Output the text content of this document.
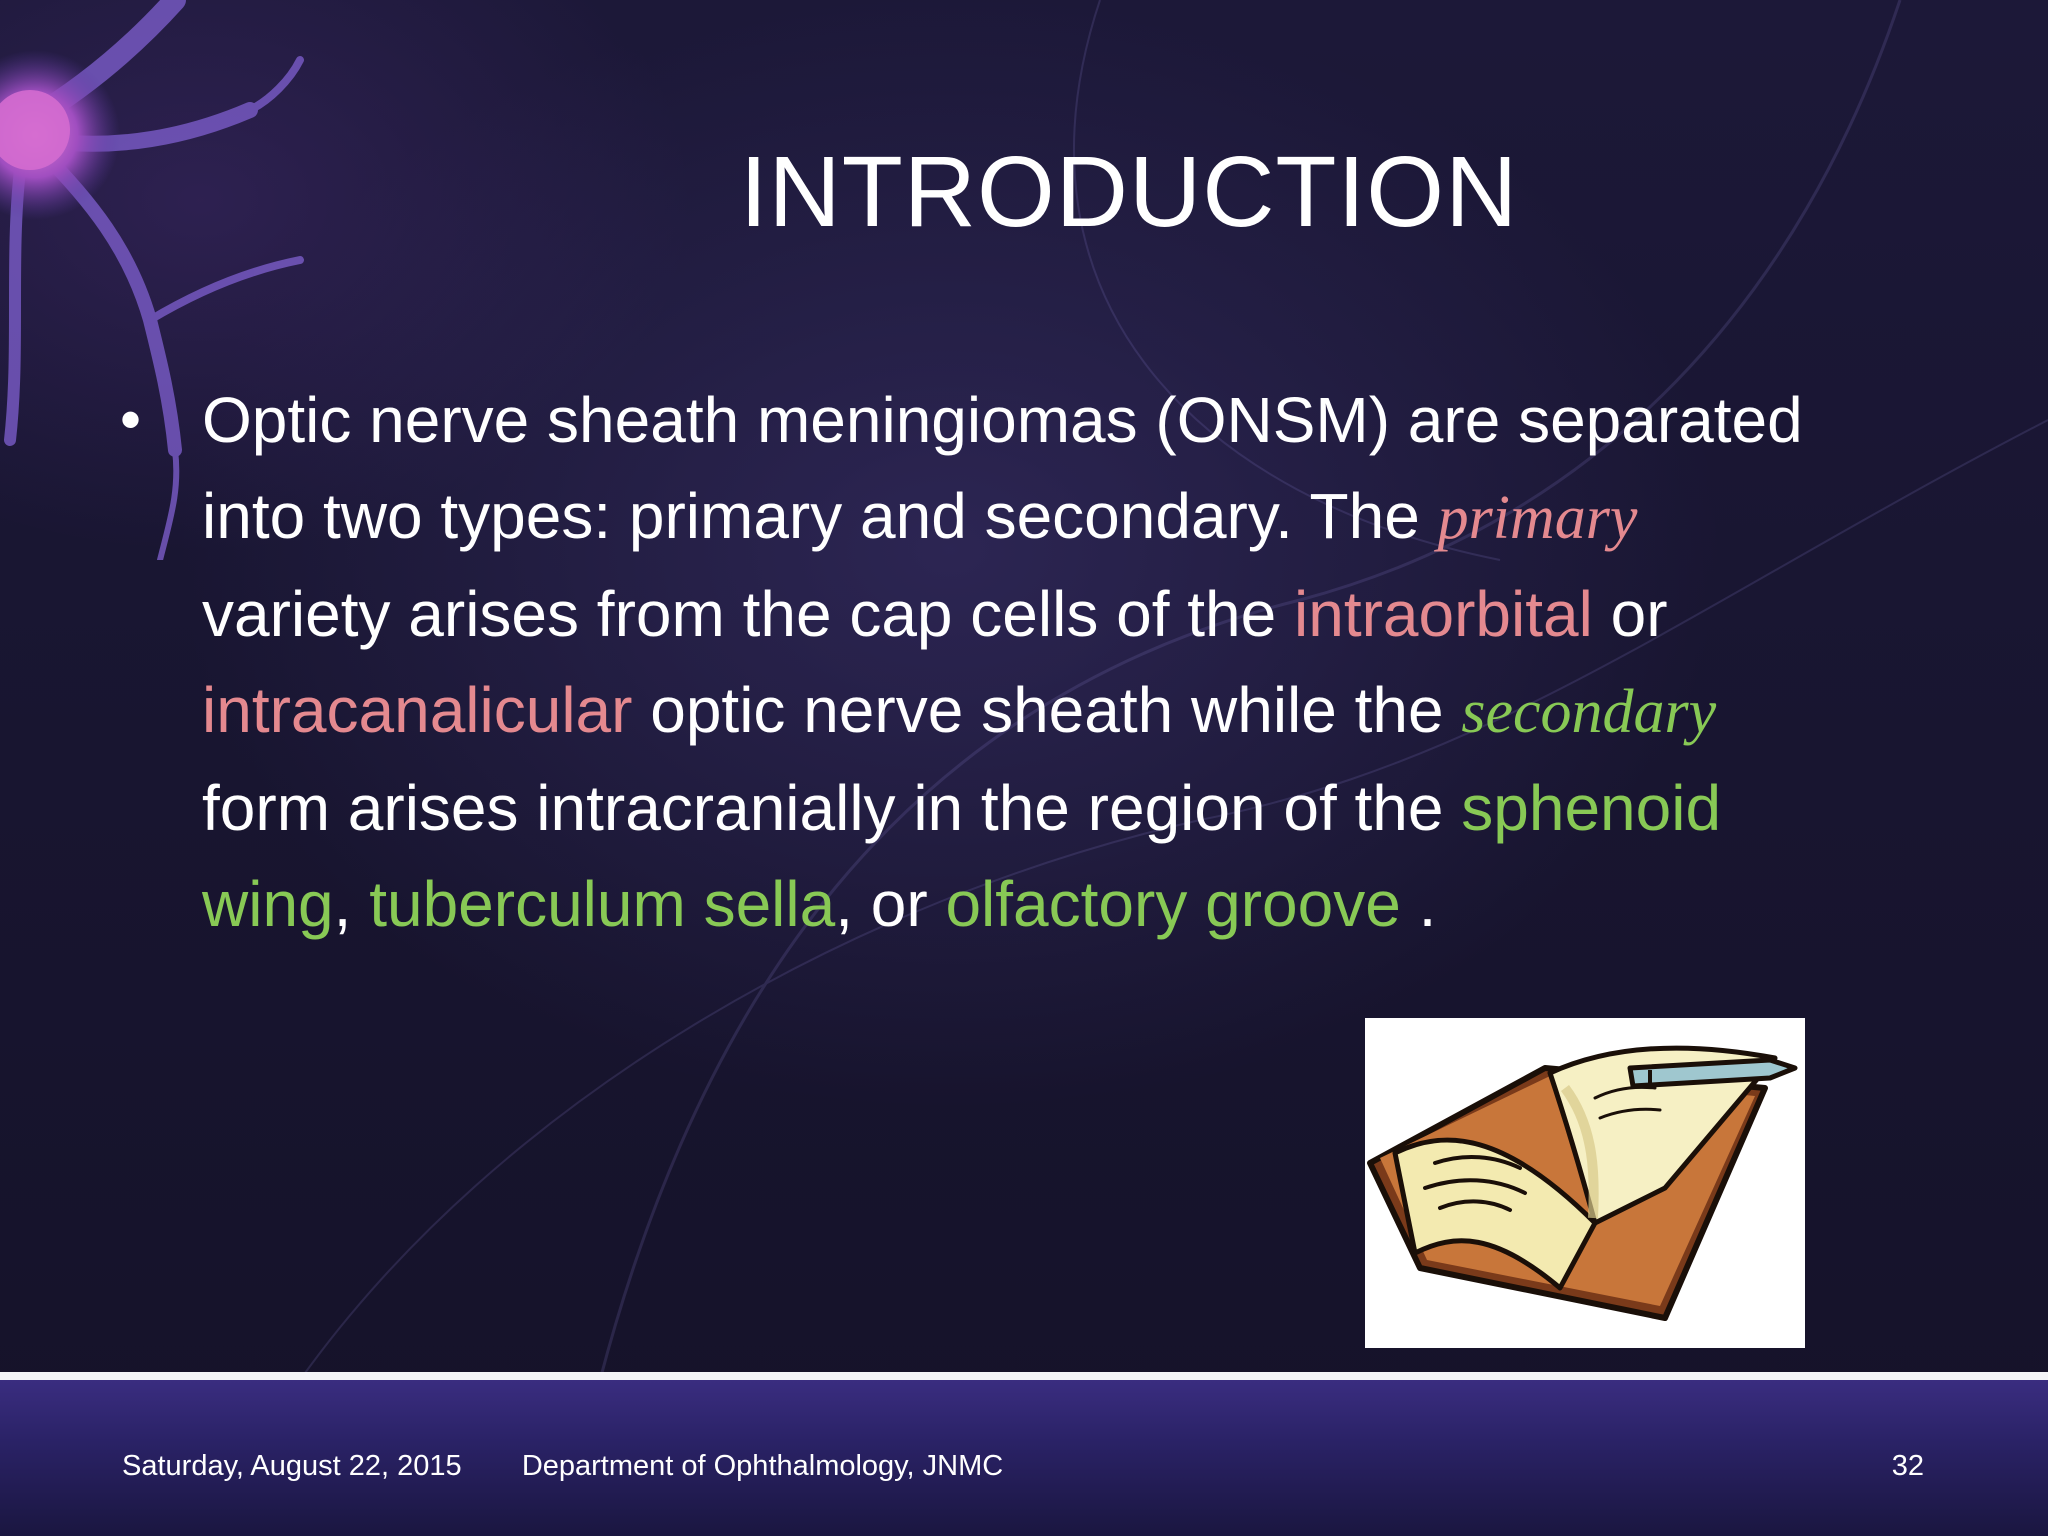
INTRODUCTION
• Optic nerve sheath meningiomas (ONSM) are separated into two types: primary and secondary. The primary variety arises from the cap cells of the intraorbital or intracanalicular optic nerve sheath while the secondary form arises intracranially in the region of the sphenoid wing, tuberculum sella, or olfactory groove .

Saturday, August 22, 2015	Department of Ophthalmology, JNMC	32
